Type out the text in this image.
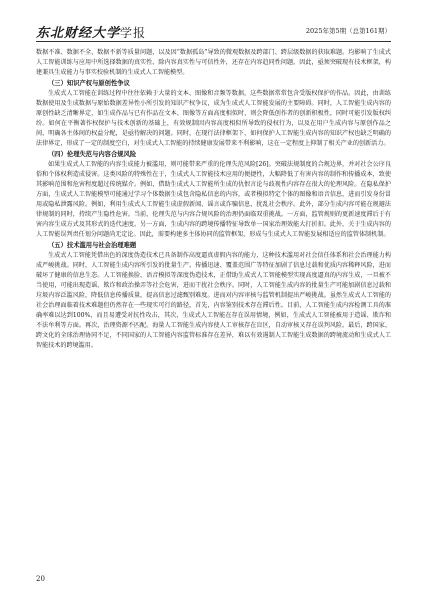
东北财经大学学报	2025年第5期（总第161期）

数据不准、数据不全、数据不新等质量问题，以及因“数据孤岛”导致的微观数据及跨部门、跨层级数据的获取难题。均影响了生成式人工智能训练与应用中所选择数据的真实性、除内容真实性与可信性外，还存在内容趋同性问题。因此，亟须突破现有技术框架，构建兼具生成能力与事实校验机制的生成式人工智能模型。

（三）知识产权与原创性争议

生成式人工智能在训练过程中往往依赖于大量的文本、图像和音频等数据，这些数据常常包含受版权保护的作品。因此，由训练数据使用及生成数据与原始数据差异性小所引发的知识产权争议，成为生成式人工智能发展的主要障碍。同时，人工智能生成内容的原创性缺乏清晰界定，如生成作品与已有作品在文本、图像等方面高度相似时，则会降低创作者的创新积极性，同时可能引发版权纠纷。如何在平衡著作权保护与技术创新的基础上，有效规制因内容高度相似所导致的侵权行为，以及在用户生成内容与原创作品之间，明确各主体间的权益分配，是亟待解决的问题。同时，在现行法律框架下，如何保护人工智能生成内容的知识产权也缺乏明确的法律界定，形成了一定的制度空白，对生成式人工智能的持续健康发展带来不利影响，这在一定程度上抑制了相关产业的创新活力。

（四）伦理失范与内容合规风险

如果生成式人工智能的内容生成能力被滥用，则可能带来严重的伦理失范风险[26]。突破法规制度的合规边界，并对社会公序良俗和个体权利造成侵害。这类风险的特殊性在于，生成式人工智能技术应用的便捷性，大幅降低了有害内容的制作和传播成本，致使其影响范围和危害程度超过传统媒介。例如，借助生成式人工智能所生成的仇恨言论与歧视性内容存在很大的伦理风险。在隐私保护方面，生成式人工智能模型可能通过学习个体数据生成包含隐私信息的内容，或者模拟特定个体的图像和语音信息，进而引发身份冒用或隐私泄露风险。例如，利用生成式人工智能生成虚假新闻、谣言或诈骗信息，扰乱社会秩序。此外，部分生成内容可能在规避法律规制的同时，持续产生隐性危害。当前，伦理失范与内容合规风险的治理仍面临双重挑战。一方面，监管规则的更新速度滞后于有害内容生成方式及其形式的迭代速度。另一方面，生成内容的跨境传播特征导致单一国家治理效能大打折扣。此外，关于生成内容的人工智能误判责任划分问题尚无定论。因此，需要构建多主体协同的监管框架，形成与生成式人工智能发展相适应的监管体制机制。

（五）技术滥用与社会治理难题

生成式人工智能凭借出色的深度伪造技术已具备制作高度逼真虚假内容的能力，这种技术滥用对社会信任体系和社会治理能力构成严峻挑战。同时，人工智能生成内容所引发的批量生产、传播迅速、覆盖范围广等特征加剧了信息过载和优质内容稀释风险，进而破坏了健康的信息生态。人工智能换脸、语音模拟等深度伪造技术，正借助生成式人工智能模型实现高度逼真的内容生成，一旦被不当使用，可能出现造谣、欺诈和政治操弄等社会危害，进而干扰社会秩序。同时，人工智能生成内容的批量生产可能加剧信息过载和垃圾内容泛滥风险，降低信息传播质量，提高信息过滤甄别难度。进而对内容审核与监管机制提出严峻挑战。虽然生成式人工智能的社会治理面临着技术难题但仍然存在一些现实可行的路径，首先，内容鉴别技术存在滞后性。目前，人工智能生成内容检测工具的准确率难以达到100%，而且易遭受对抗性攻击，其次，生成式人工智能在存在误用情境，例如，生成式人工智能被用于造谣、欺诈和不法牟利等方面。再次，治理资源不匹配。海量人工智能生成内容使人工审核存在盲区，自动审核又存在误判风险。最后，跨国家、跨文化的全球治理协同不足，不同国家的人工智能内容监管标准存在差异，难以有效遏制人工智能生成数据的跨境流动和生成式人工智能技术的跨境滥用。

20
